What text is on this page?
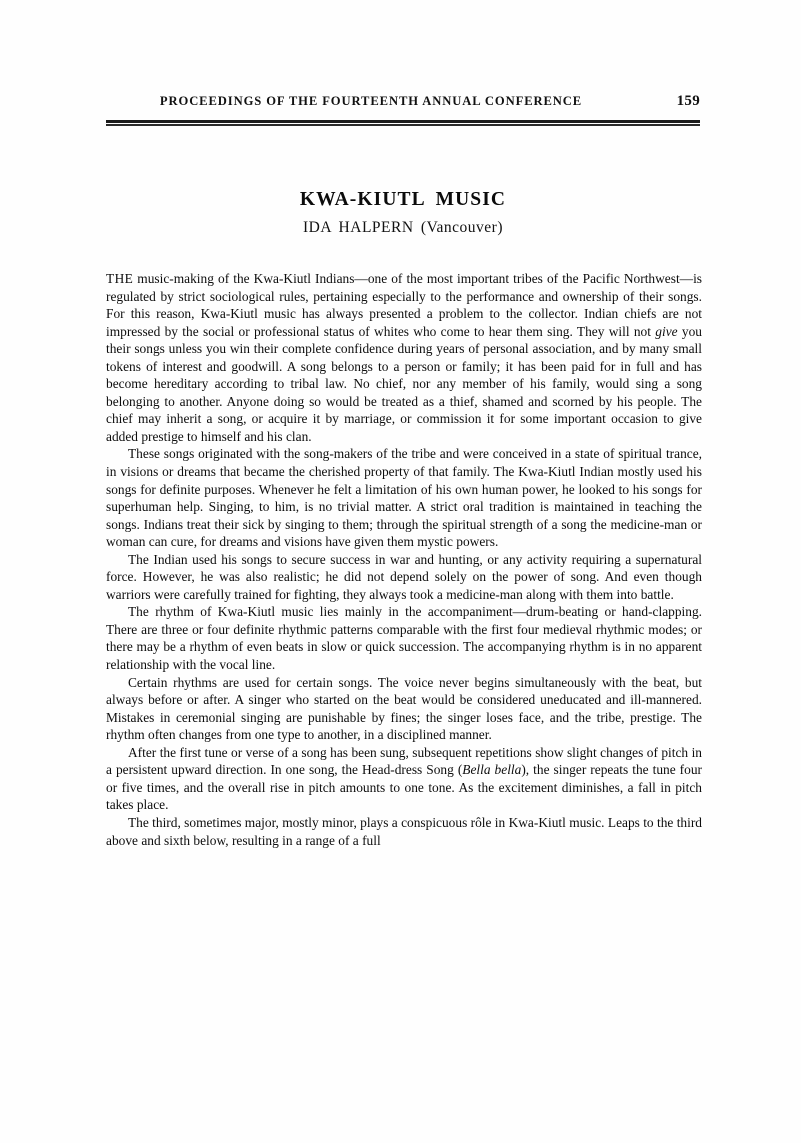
PROCEEDINGS OF THE FOURTEENTH ANNUAL CONFERENCE	159
KWA-KIUTL MUSIC
IDA HALPERN (Vancouver)

THE music-making of the Kwa-Kiutl Indians—one of the most important tribes of the Pacific Northwest—is regulated by strict sociological rules, pertaining especially to the performance and ownership of their songs. For this reason, Kwa-Kiutl music has always presented a problem to the collector. Indian chiefs are not impressed by the social or professional status of whites who come to hear them sing. They will not give you their songs unless you win their complete confidence during years of personal association, and by many small tokens of interest and goodwill. A song belongs to a person or family; it has been paid for in full and has become hereditary according to tribal law. No chief, nor any member of his family, would sing a song belonging to another. Anyone doing so would be treated as a thief, shamed and scorned by his people. The chief may inherit a song, or acquire it by marriage, or commission it for some important occasion to give added prestige to himself and his clan.

These songs originated with the song-makers of the tribe and were conceived in a state of spiritual trance, in visions or dreams that became the cherished property of that family. The Kwa-Kiutl Indian mostly used his songs for definite purposes. Whenever he felt a limitation of his own human power, he looked to his songs for superhuman help. Singing, to him, is no trivial matter. A strict oral tradition is maintained in teaching the songs. Indians treat their sick by singing to them; through the spiritual strength of a song the medicine-man or woman can cure, for dreams and visions have given them mystic powers.

The Indian used his songs to secure success in war and hunting, or any activity requiring a supernatural force. However, he was also realistic; he did not depend solely on the power of song. And even though warriors were carefully trained for fighting, they always took a medicine-man along with them into battle.

The rhythm of Kwa-Kiutl music lies mainly in the accompaniment—drum-beating or hand-clapping. There are three or four definite rhythmic patterns comparable with the first four medieval rhythmic modes; or there may be a rhythm of even beats in slow or quick succession. The accompanying rhythm is in no apparent relationship with the vocal line.

Certain rhythms are used for certain songs. The voice never begins simultaneously with the beat, but always before or after. A singer who started on the beat would be considered uneducated and ill-mannered. Mistakes in ceremonial singing are punishable by fines; the singer loses face, and the tribe, prestige. The rhythm often changes from one type to another, in a disciplined manner.

After the first tune or verse of a song has been sung, subsequent repetitions show slight changes of pitch in a persistent upward direction. In one song, the Head-dress Song (Bella bella), the singer repeats the tune four or five times, and the overall rise in pitch amounts to one tone. As the excitement diminishes, a fall in pitch takes place.

The third, sometimes major, mostly minor, plays a conspicuous rôle in Kwa-Kiutl music. Leaps to the third above and sixth below, resulting in a range of a full
